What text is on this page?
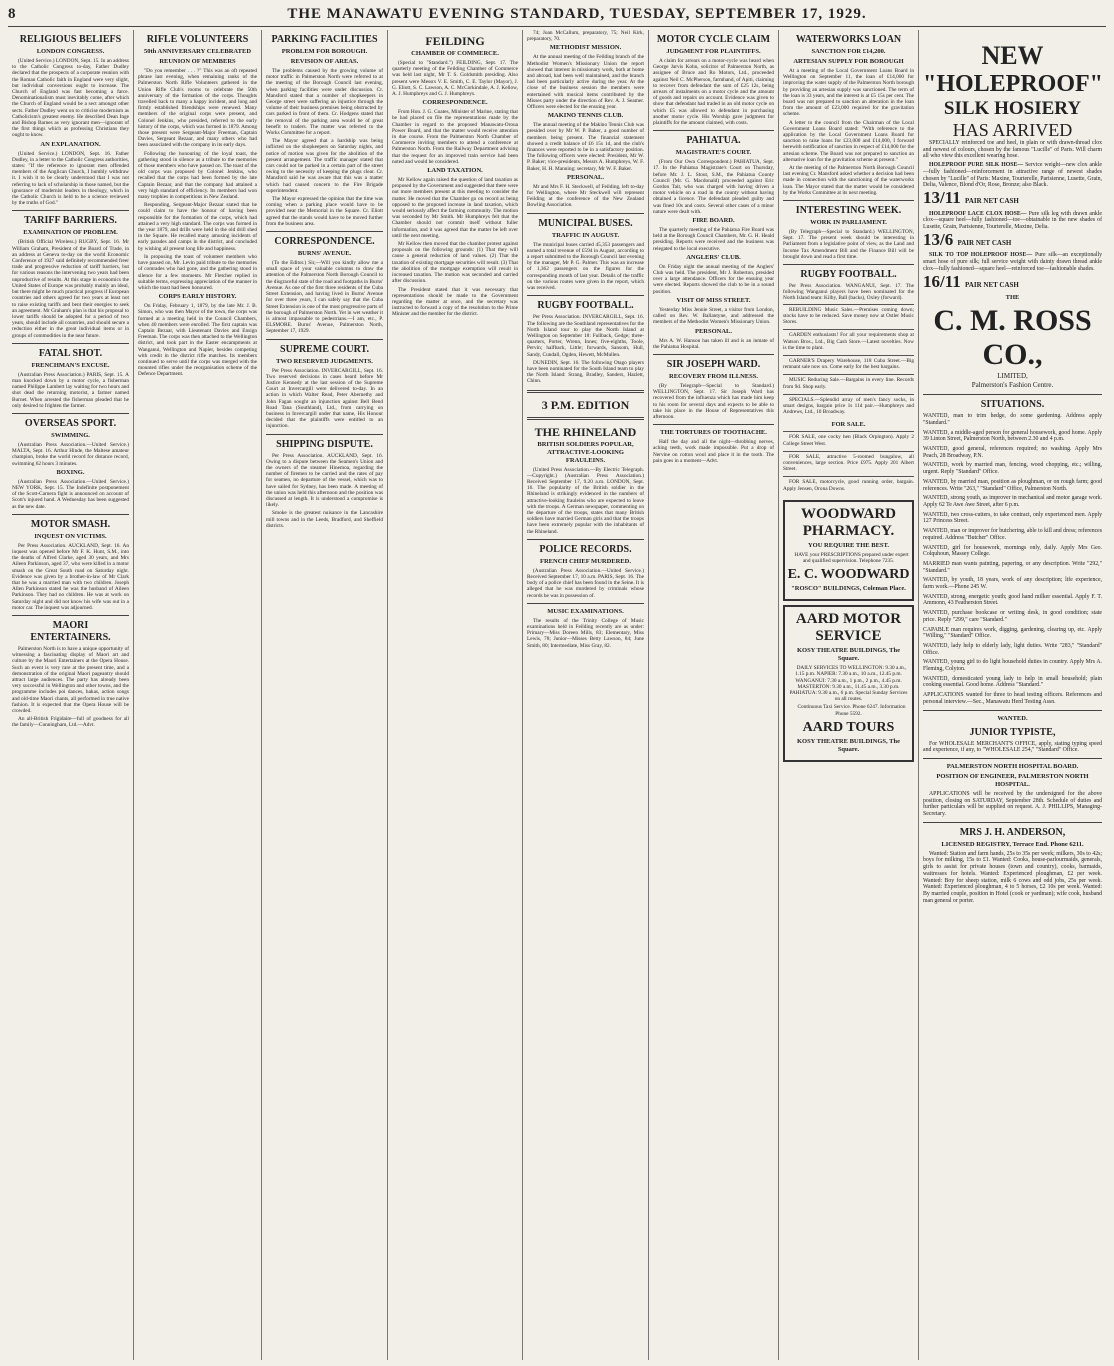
8	THE MANAWATU EVENING STANDARD, TUESDAY, SEPTEMBER 17, 1929.
RELIGIOUS BELIEFS
LONDON CONGRESS.

(United Service.) LONDON, Sept. 15. In an address to the Catholic Congress to-day, Father Dudley declared that the prospects of a corporate reunion with the Roman Catholic faith in England were very slight, but individual conversions ought to increase. The Church of England was fast becoming a farce. Denominationalism must inevitably come, after which the Church of England would be a sect amongst other sects. Father Dudley went on to criticise modernism as Catholicism's greatest enemy. He described Dean Inge and Bishop Barnes as very ignorant men—ignorant of the first things which as professing Christians they ought to know.

AN EXPLANATION.

(United Service.) LONDON, Sept. 16. Father Dudley, in a letter to the Catholic Congress authorities, states: "If the reference to ignorant men offended members of the Anglican Church, I humbly withdraw it. I wish it to be clearly understood that I was not referring to lack of scholarship in those named, but the ignorance of modernist leaders in theology, which in the Catholic Church is held to be a science reviewed by the truths of God."

TARIFF BARRIERS.
EXAMINATION OF PROBLEM.

(British Official Wireless.) RUGBY, Sept. 16. Mr William Graham, President of the Board of Trade, in an address at Geneva to-day on the world Economic Conference of 1927 said definitely recommended freer trade and progressive reduction of tariff barriers, but for various reasons the intervening two years had been unproductive of results. At this stage in economics the United States of Europe was probably mainly an ideal, but there might be much practical progress if European countries and others agreed for two years at least not to raise existing tariffs and bent their energies to seek an agreement. Mr Graham's plan is that his proposal to lower tariffs should be adopted for a period of two years, should include all countries, and should secure a reduction either in the great individual items or in groups of commodities in the near future.

FATAL SHOT.
FRENCHMAN'S EXCUSE.

(Australian Press Association.) PARIS, Sept. 15. A man knocked down by a motor cycle, a fisherman named Philippe Lambert lay waiting for two hours and shot dead the returning motorist, a farmer named Burnet. When arrested the fisherman pleaded that he only desired to frighten the farmer.

OVERSEAS SPORT.
SWIMMING.

(Australian Press Association.—United Service.) MALTA, Sept. 16. Arthur Hinde, the Maltese amateur champion, broke the world record for distance record, swimming 62 hours 3 minutes.

BOXING.

(Australian Press Association.—United Service.) NEW YORK, Sept. 15. The Indefinite postponement of the Scott-Carnera fight is announced on account of Scott's injured hand. A Wednesday has been suggested as the new date.

MOTOR SMASH.
INQUEST ON VICTIMS.

Per Press Association. AUCKLAND, Sept. 16. An inquest was opened before Mr F. K. Hunt, S.M., into the deaths of Alfred Clarke, aged 30 years, and Mrs Aileen Parkinson, aged 37, who were killed in a motor smash on the Great South road on Saturday night. Evidence was given by a brother-in-law of Mr Clark that he was a married man with two children. Joseph Allen Parkinson stated he was the husband of Aileen Parkinson. They had no children. He was at work on Saturday night and did not know his wife was out in a motor car. The inquest was adjourned.

MAORI ENTERTAINERS.

Palmerston North is to have a unique opportunity of witnessing a fascinating display of Maori art and culture by the Maori Entertainers at the Opera House. Such an event is very rare at the present time, and a demonstration of the original Maori pageantry should attract large audiences. The party has already been very successful in Wellington and other towns, and the programme includes poi dances, hakas, action songs and old-time Maori chants, all performed in true native fashion. It is expected that the Opera House will be crowded.

An all-British Frigidaire—full of goodness for all the family—Cunningham, Ltd.—Advt.

RIFLE VOLUNTEERS
50th ANNIVERSARY CELEBRATED
REUNION OF MEMBERS

"Do you remember . . . ?" This was an oft repeated phrase last evening, when remaining ranks of the Palmerston North Rifle Volunteers gathered in the Union Rifle Club's rooms to celebrate the 50th anniversary of the formation of the corps. Thoughts travelled back to many a happy incident, and long and firmly established friendships were renewed. Many members of the original corps were present, and Colonel Jenkins, who presided, referred to the early history of the corps, which was formed in 1879. Among those present were Sergeant-Major Freeman, Captain Davies, Sergeant Bezaar, and many others who had been associated with the company in its early days.

Following the honouring of the loyal toast, the gathering stood in silence as a tribute to the memories of those members who have passed on. The toast of the old corps was proposed by Colonel Jenkins, who recalled that the corps had been formed by the late Captain Bezaar, and that the company had attained a very high standard of efficiency. Its members had won many trophies in competitions in New Zealand.

Responding, Sergeant-Major Bezaar stated that he could claim to have the honour of having been responsible for the formation of the corps, which had attained a very high standard. The corps was formed in the year 1879, and drills were held in the old drill shed in the Square. He recalled many amusing incidents of early parades and camps in the district, and concluded by wishing all present long life and happiness.

In proposing the toast of volunteer members who have passed on, Mr. Levin paid tribute to the memories of comrades who had gone, and the gathering stood in silence for a few moments. Mr Fletcher replied in suitable terms, expressing appreciation of the manner in which the toast had been honoured.

CORPS EARLY HISTORY.

On Friday, February 1, 1879, by the late Mr. J. B. Simon, who was then Mayor of the town, the corps was formed at a meeting held in the Council Chambers, when 40 members were enrolled. The first captain was Captain Bezaar, with Lieutenant Davies and Ensign Freeman. The corps was then attached to the Wellington district, and took part in the Easter encampments at Wanganui, Wellington and Napier, besides competing with credit in the district rifle matches. Its members continued to serve until the corps was merged with the mounted rifles under the reorganisation scheme of the Defence Department.

PARKING FACILITIES
PROBLEM FOR BOROUGH.
REVISION OF AREAS.

The problems caused by the growing volume of motor traffic in Palmerston North were referred to at the meeting of the Borough Council last evening, when parking facilities were under discussion. Cr. Mansford stated that a number of shopkeepers in George street were suffering an injustice through the volume of their business premises being obstructed by cars parked in front of them. Cr. Hodgens stated that the removal of the parking area would be of great benefit to traders. The matter was referred to the Works Committee for a report.

The Mayor agreed that a hardship was being inflicted on the shopkeepers on Saturday nights, and notice of motion was given for the abolition of the present arrangement. The traffic manager stated that cars could not be parked in a certain part of the street owing to the necessity of keeping the plugs clear. Cr. Mansford said he was aware that this was a matter which had caused concern to the Fire Brigade superintendent.

The Mayor expressed the opinion that the time was coming when a parking place would have to be provided near the Memorial in the Square. Cr. Eliott agreed that the stands would have to be moved further from the business area.

CORRESPONDENCE.
BURNS' AVENUE.

(To the Editor.) Sir,—Will you kindly allow me a small space of your valuable columns to draw the attention of the Palmerston North Borough Council to the disgraceful state of the road and footpaths in Burns' Avenue. As one of the first three residents of the Cuba Street Extension, and having lived in Burns' Avenue for over three years, I can safely say that the Cuba Street Extension is one of the most progressive parts of the borough of Palmerston North. Yet in wet weather it is almost impassable to pedestrians.—I am, etc., P. ELSMORE. Burns' Avenue, Palmerston North, September 17, 1929.

SUPREME COURT.
TWO RESERVED JUDGMENTS.

Per Press Association. INVERCARGILL, Sept. 16. Two reserved decisions in cases heard before Mr Justice Kennedy at the last session of the Supreme Court at Invercargill were delivered to-day. In an action in which Walter Read, Peter Abernethy and John Fagan sought an injunction against Bell Bend Road Tana (Southland), Ltd., from carrying on business in Invercargill under that name, His Honour decided that the plaintiffs were entitled to an injunction.

SHIPPING DISPUTE.

Per Press Association. AUCKLAND, Sept. 16. Owing to a dispute between the Seamen's Union and the owners of the steamer Hinemoa, regarding the number of firemen to be carried and the rates of pay for seamen, no departure of the vessel, which was to have sailed for Sydney, has been made. A meeting of the union was held this afternoon and the position was discussed at length. It is understood a compromise is likely.

Smoke is the greatest nuisance in the Lancashire mill towns and in the Leeds, Bradford, and Sheffield districts.

FEILDING
CHAMBER OF COMMERCE.

(Special to "Standard.") FEILDING, Sept. 17. The quarterly meeting of the Feilding Chamber of Commerce was held last night, Mr T. S. Goldsmith presiding. Also present were Messrs V. E. Smith, C. E. Taylor (Mayor), J. G. Eliott, S. C. Lawson, A. C. McCorkindale, A. J. Kellow, A. J. Humphreys and G. J. Humphreys.

CORRESPONDENCE.

From Hon. J. G. Coates, Minister of Marine, stating that he had placed on file the representations made by the Chamber in regard to the proposed Manawatu-Oroua Power Board, and that the matter would receive attention in due course. From the Palmerston North Chamber of Commerce inviting members to attend a conference at Palmerston North. From the Railway Department advising that the request for an improved train service had been noted and would be considered.

LAND TAXATION.

Mr Kellow again raised the question of land taxation as proposed by the Government and suggested that there were not more members present at this meeting to consider the matter. He moved that the Chamber go on record as being opposed to the proposed increase in land taxation, which would seriously affect the farming community. The motion was seconded by Mr Smith. Mr Humphreys felt that the Chamber should not commit itself without fuller information, and it was agreed that the matter be left over until the next meeting.

Mr Kellow then moved that the chamber protest against proposals on the following grounds: (1) That they will cause a general reduction of land values. (2) That the taxation of existing mortgage securities will result. (3) That the abolition of the mortgage exemption will result in increased taxation. The motion was seconded and carried after discussion.

The President stated that it was necessary that representations should be made to the Government regarding the matter at once, and the secretary was instructed to forward a copy of the resolution to the Prime Minister and the member for the district.

74; Joan McCallum, preparatory, 75; Neil Kirk, preparatory, 70.

METHODIST MISSION.

At the annual meeting of the Feilding branch of the Methodist Women's Missionary Union the report showed that interest in missionary work, both at home and abroad, had been well maintained, and the branch had been particularly active during the year. At the close of the business session the members were entertained with musical items contributed by the Misses party under the direction of Rev. A. J. Seamer. Officers were elected for the ensuing year.

MAKINO TENNIS CLUB.

The annual meeting of the Makino Tennis Club was presided over by Mr W. P. Baker, a good number of members being present. The financial statement showed a credit balance of £6 15s 1d, and the club's finances were reported to be in a satisfactory position. The following officers were elected: President, Mr W. P. Baker; vice-presidents, Messrs A. Humphreys, W. F. Baker, H. H. Manning; secretary, Mr W. F. Baker.

PERSONAL.

Mr and Mrs F. H. Steckwell, of Feilding, left to-day for Wellington, where Mr Steckwell will represent Feilding at the conference of the New Zealand Bowling Association.

MUNICIPAL BUSES.
TRAFFIC IN AUGUST.

The municipal buses carried 45,353 passengers and earned a total revenue of £594 in August, according to a report submitted to the Borough Council last evening by the manager, Mr P. G. Palmer. This was an increase of 1,362 passengers on the figures for the corresponding month of last year. Details of the traffic on the various routes were given in the report, which was received.

RUGBY FOOTBALL.

Per Press Association. INVERCARGILL, Sept. 16. The following are the Southland representatives for the North Island tour to play the North Island at Wellington on September 18: Fullback, Gedge; three-quarters, Porter, Wrenn, Innes; five-eighths, Toole, Pervin; halfback, Little; forwards, Sansom, Hull, Sandy, Cundall, Ogden, Hewett, McMullen.

DUNEDIN, Sept. 16. The following Otago players have been nominated for the South Island team to play the North Island: Strang, Bradley, Sanders, Hazlett, Chinn.

3 P.M. EDITION
THE RHINELAND
BRITISH SOLDIERS POPULAR, ATTRACTIVE-LOOKING FRAULEINS.

(United Press Association.—By Electric Telegraph.—Copyright.) (Australian Press Association.) Received September 17, 9.20 a.m. LONDON, Sept. 16. The popularity of the British soldier in the Rhineland is strikingly evidenced in the numbers of attractive-looking frauleins who are expected to leave with the troops. A German newspaper, commenting on the departure of the troops, states that many British soldiers have married German girls and that the troops have been extremely popular with the inhabitants of the Rhineland.

POLICE RECORDS.
FRENCH CHIEF MURDERED.

(Australian Press Association.—United Service.) Received September 17, 10 a.m. PARIS, Sept. 16. The body of a police chief has been found in the Seine. It is alleged that he was murdered by criminals whose records he was in possession of.

MUSIC EXAMINATIONS.

The results of the Trinity College of Music examinations held in Feilding recently are as under: Primary—Miss Doreen Mills, 83; Elementary, Miss Lewis, 78; Junior—Misses Betty Lawson, 84; June Smith, 80; Intermediate, Miss Gray, 82.

MOTOR CYCLE CLAIM
JUDGMENT FOR PLAINTIFFS.

A claim for arrears on a motor-cycle was heard when George Jarvis Kohn, solicitor of Palmerston North, as assignee of Bruce and Ro Motors, Ltd., proceeded against Neil C. McPherson, farmhand, of Apiti, claiming to recover from defendant the sum of £25 12s, being arrears of instalments on a motor cycle and the amount of goods and repairs on account. Evidence was given to show that defendant had traded in an old motor cycle on which £5 was allowed to defendant in purchasing another motor cycle. His Worship gave judgment for plaintiffs for the amount claimed, with costs.

PAHIATUA.
MAGISTRATE'S COURT.

(From Our Own Correspondent.) PAHIATUA, Sept. 17. In the Pahiatua Magistrate's Court on Thursday, before Mr. J. L. Stout, S.M., the Pahiatua County Council (Mr. G. Macdonald) proceeded against Eric Gordon Tait, who was charged with having driven a motor vehicle on a road in the county without having obtained a licence. The defendant pleaded guilty and was fined 10s and costs. Several other cases of a minor nature were dealt with.

FIRE BOARD.

The quarterly meeting of the Pahiatua Fire Board was held at the Borough Council Chambers, Mr. G. H. Heald presiding. Reports were received and the business was relegated to the local executive.

ANGLERS' CLUB.

On Friday night the annual meeting of the Anglers' Club was held. The president, Mr J. Roberton, presided over a large attendance. Officers for the ensuing year were elected. Reports showed the club to be in a sound position.

VISIT OF MISS STREET.

Yesterday Miss Jennie Street, a visitor from London, called on Rev. W. Ballantyne, and addressed the members of the Methodist Women's Missionary Union.

PERSONAL.

Mrs A. W. Hanson has taken ill and is an inmate of the Pahiatua Hospital.

SIR JOSEPH WARD.
RECOVERY FROM ILLNESS.

(By Telegraph—Special to Standard.) WELLINGTON, Sept. 17. Sir Joseph Ward has recovered from the influenza which has made him keep to his room for several days and expects to be able to take his place in the House of Representatives this afternoon.

THE TORTURES OF TOOTHACHE.

Half the day and all the night—throbbing nerves, aching teeth, work made impossible. Put a drop of Nervine on cotton wool and place it in the tooth. The pain goes in a moment—Advt.

WATERWORKS LOAN
SANCTION FOR £14,200.
ARTESIAN SUPPLY FOR BOROUGH

At a meeting of the Local Government Loans Board in Wellington on September 11, the loan of £14,000 for improving the water supply of the Palmerston North borough by providing an artesian supply was sanctioned. The term of the loan is 33 years, and the interest is at £5 15s per cent. The board was not prepared to sanction an alteration in the loan from the amount of £23,000 required for the gravitation scheme.

A letter to the council from the Chairman of the Local Government Loans Board stated: "With reference to the application by the Local Government Loans Board for sanction to raise loans for £23,000 and £14,000, I forward herewith notification of sanction in respect of £14,000 for the artesian scheme. The Board was not prepared to sanction an alternative loan for the gravitation scheme at present."

At the meeting of the Palmerston North Borough Council last evening Cr. Mansford asked whether a decision had been made in connection with the sanctioning of the waterworks loan. The Mayor stated that the matter would be considered by the Works Committee at its next meeting.

INTERESTING WEEK.
WORK IN PARLIAMENT.

(By Telegraph—Special to Standard.) WELLINGTON, Sept. 17. The present week should be interesting in Parliament from a legislative point of view, as the Land and Income Tax Amendment Bill and the Finance Bill will be brought down and read a first time.

RUGBY FOOTBALL.

Per Press Association. WANGANUI, Sept. 17. The following Wanganui players have been nominated for the North Island team: Kilby, Ball (backs), Oxley (forward).

REBUILDING Music Sales.—Premises coming down; stocks have to be reduced. Save money now at Ostler Music Stores.

GARDEN enthusiasts! For all your requirements shop at Watson Bros., Ltd., Big Cash Store.—Latest novelties. Now is the time to plant.

GARNER'S Drapery Warehouse, 118 Cuba Street.—Big remnant sale now on. Come early for the best bargains.

MUSIC Reducing Sale.—Bargains in every line. Records from 9d. Shop early.

SPECIALS.—Splendid array of men's fancy socks, in smart designs, bargain price 1s 11d pair.—Humphreys and Andrews, Ltd., 10 Broadway.

FOR SALE.

FOR SALE, one cocky hen (Black Orpington). Apply 2 College Street West.

FOR SALE, attractive 5-roomed bungalow, all conveniences, large section. Price £975. Apply 201 Albert Street.

FOR SALE, motorcycle, good running order, bargain. Apply Jensen, Orona Downs.

WOODWARD
PHARMACY.
YOU REQUIRE THE BEST.

HAVE your PRESCRIPTIONS prepared under expert and qualified supervision. Telephone 7235.

E. C. WOODWARD
"ROSCO" BUILDINGS, Coleman Place.
AARD MOTOR SERVICE
KOSY THEATRE BUILDINGS, The Square.

DAILY SERVICES TO WELLINGTON: 9.30 a.m., 1.15 p.m. NAPIER: 7.30 a.m., 10 a.m., 12.45 p.m. WANGANUI: 7.30 a.m., 1 p.m., 2 p.m., 4.45 p.m. MASTERTON: 9.30 a.m., 11.45 a.m., 3.30 p.m. PAHIATUA: 9.30 a.m., 6 p.m. Special Sunday Services on all routes.

Continuous Taxi Service. Phone 6247. Information Phone 5592.

AARD TOURS
KOSY THEATRE BUILDINGS, The Square.
NEW
"HOLEPROOF"
SILK HOSIERY
HAS ARRIVED

SPECIALLY reinforced toe and heel, in plain or with drawn-thread clox and newest of colours, chosen by the famous "Lucille" of Paris. Will charm all who view this excellent wearing hose.

HOLEPROOF PURE SILK HOSE— Service weight—new clox ankle—fully fashioned—reinforcement in attractive range of newest shades chosen by "Lucille" of Paris: Maxine, Tourterelle, Parisienne, Lusette, Grain, Delia, Valence, Blond d'Or, Rose, Bronze; also Black.

13/11 PAIR NET CASH

HOLEPROOF LACE CLOX HOSE— Pure silk leg with drawn ankle clox—square heel—fully fashioned—toe—obtainable in the new shades of Lusette, Grain, Parisienne, Tourterelle, Maxine, Delia.

13/6 PAIR NET CASH

SILK TO TOP HOLEPROOF HOSE— Pure silk—an exceptionally smart hose of pure silk; full service weight with dainty drawn thread ankle clox—fully fashioned—square heel—reinforced toe—fashionable shades.

16/11 PAIR NET CASH
THE
C. M. ROSS CO.,
LIMITED,
Palmerston's Fashion Centre.
SITUATIONS.

WANTED, man to trim hedge, do some gardening. Address apply "Standard."

WANTED, a middle-aged person for general housework, good home. Apply 39 Linton Street, Palmerston North, between 2.30 and 4 p.m.

WANTED, good general, references required; no washing. Apply Mrs Peach, 28 Broadway, P.N.

WANTED, work by married man, fencing, wood chopping, etc.; willing, urgent. Reply "Standard" Office.

WANTED, by married man, position as ploughman, or on rough farm; good references. Write "263," "Standard" Office, Palmerston North.

WANTED, strong youth, as improver in mechanical and motor garage work. Apply 62 Te Awe Awe Street, after 6 p.m.

WANTED, two cross-cutters, to take contract, only experienced men. Apply 127 Princess Street.

WANTED, man or improver for butchering, able to kill and dress; references required. Address "Butcher" Office.

WANTED, girl for housework, mornings only, daily. Apply Mrs Geo. Colquhoun, Massey College.

MARRIED man wants painting, papering, or any description. Write "292," "Standard."

WANTED, by youth, 18 years, work of any description; life experience, farm work.—Phone 245 W.

WANTED, strong, energetic youth; good hand milker essential. Apply F. T. Ammonn, 43 Featherston Street.

WANTED, purchase bookcase or writing desk, in good condition; state price. Reply "299," care "Standard."

CAPABLE man requires work, digging, gardening, clearing up, etc. Apply "Willing," "Standard" Office.

WANTED, lady help to elderly lady, light duties. Write "283," "Standard" Office.

WANTED, young girl to do light household duties in country. Apply Mrs A. Fleming, Colyton.

WANTED, domesticated young lady to help in small household; plain cooking essential. Good home. Address "Standard."

APPLICATIONS wanted for three to head testing officers. References and personal interview.—Sec., Manawatu Herd Testing Assn.

WANTED.
JUNIOR TYPISTE,

For WHOLESALE MERCHANT'S OFFICE, apply, stating typing speed and experience, if any, to "WHOLESALE 254," "Standard" Office.

PALMERSTON NORTH HOSPITAL BOARD.
POSITION OF ENGINEER, PALMERSTON NORTH HOSPITAL.

APPLICATIONS will be received by the undersigned for the above position, closing on SATURDAY, September 28th. Schedule of duties and further particulars will be supplied on request. A. J. PHILLIPS, Managing-Secretary.

MRS J. H. ANDERSON,
LICENSED REGISTRY, Terrace End. Phone 6211.

Wanted: Station and farm hands, 25s to 35s per week; milkers, 30s to 42s; boys for milking, 15s to £1. Wanted: Cooks, house-parlourmaids, generals, girls to assist for private houses (town and country), cooks, barmaids, waitresses for hotels. Wanted: Experienced ploughman, £2 per week. Wanted: Boy for sheep station, milk 6 cows and odd jobs, 25s per week. Wanted: Experienced ploughman, 4 to 5 horses, £2 10s per week. Wanted: By married couple, position in Hotel (cook or yardman); wife cook, husband man general or porter.
